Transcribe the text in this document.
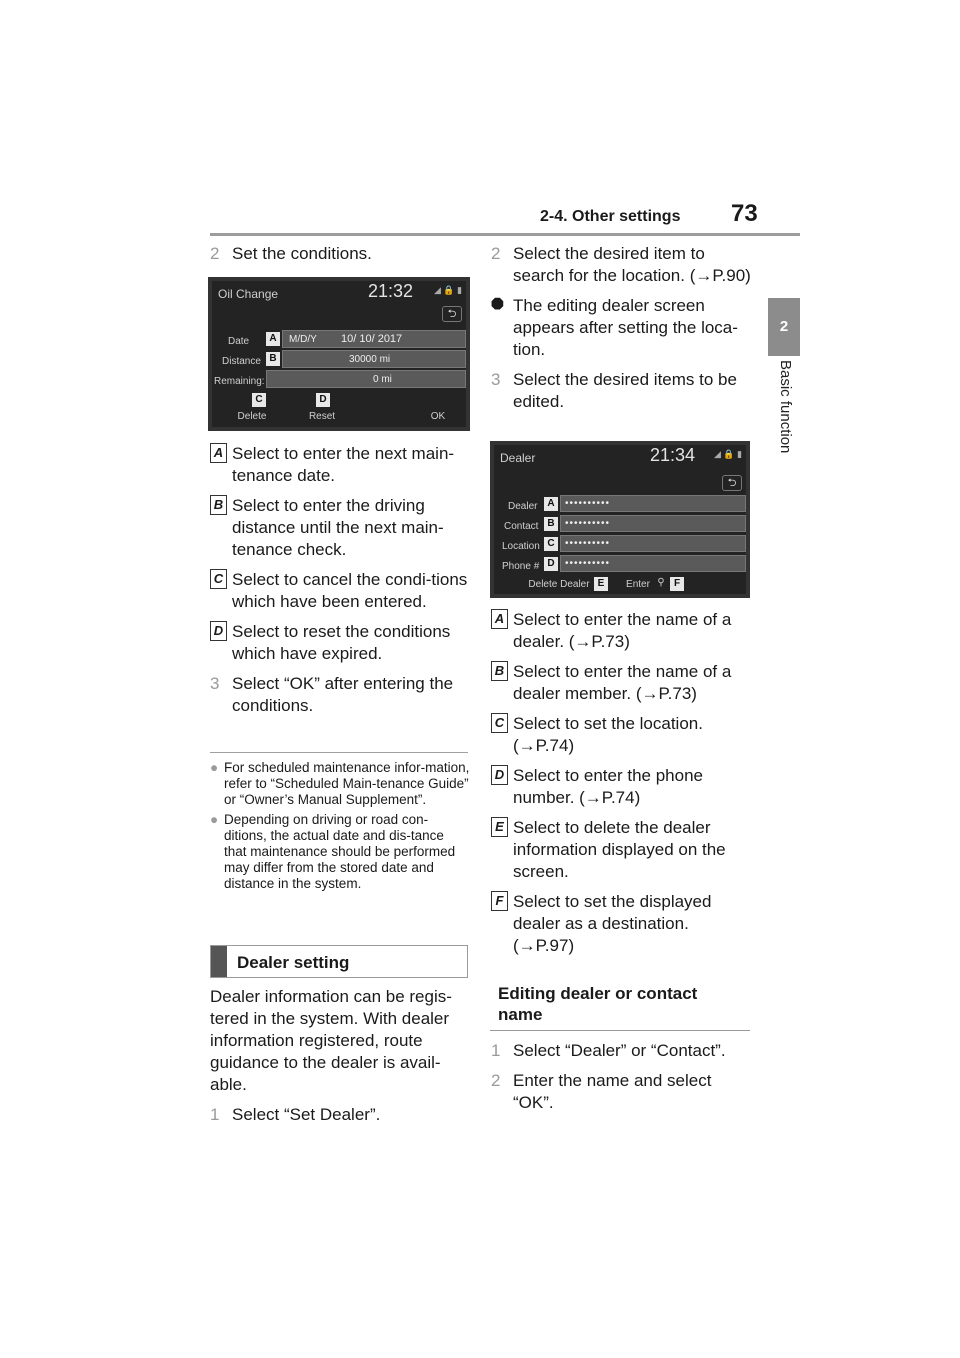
2-4. Other settings 73
2
Basic function

2 Set the conditions.

Oil Change	21:32 ◢ 🔒 ▮
⮌
Date	A	M/D/Y 10/ 10/ 2017
Distance B	30000 mi
Remaining:	0 mi
C	D
Delete	Reset	OK

A Select to enter the next main-tenance date.

B Select to enter the driving distance until the next main-tenance check.

C Select to cancel the condi-tions which have been entered.

D Select to reset the conditions which have expired.

3 Select “OK” after entering the conditions.

● For scheduled maintenance infor-mation, refer to “Scheduled Main-tenance Guide” or “Owner’s Manual Supplement”.

● Depending on driving or road con-ditions, the actual date and dis-tance that maintenance should be performed may differ from the stored date and distance in the system.

Dealer setting

Dealer information can be regis-tered in the system. With dealer information registered, route guidance to the dealer is avail-able.

1 Select “Set Dealer”.

2 Select the desired item to search for the location. (→P.90)

⯃ The editing dealer screen appears after setting the loca-tion.

3 Select the desired items to be edited.

Dealer	21:34 ◢ 🔒 ▮
⮌
Dealer A	••••••••••
Contact B	••••••••••
Location C	••••••••••
Phone # D	••••••••••
Delete Dealer E	Enter ⚲ F

A Select to enter the name of a dealer. (→P.73)

B Select to enter the name of a dealer member. (→P.73)

C Select to set the location. (→P.74)

D Select to enter the phone number. (→P.74)

E Select to delete the dealer information displayed on the screen.

F Select to set the displayed dealer as a destination. (→P.97)

Editing dealer or contact name

1 Select “Dealer” or “Contact”.

2 Enter the name and select “OK”.
